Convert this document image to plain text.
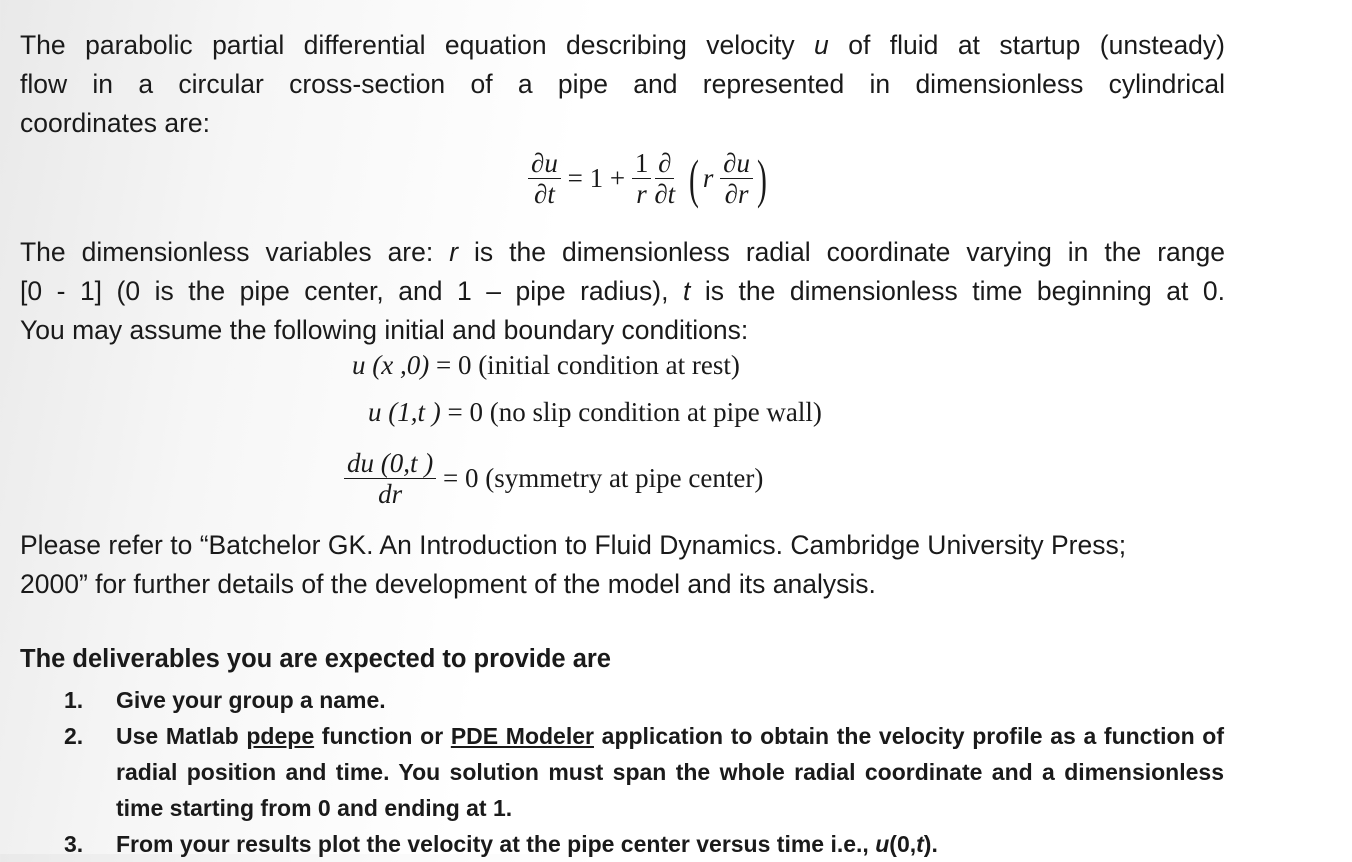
The parabolic partial differential equation describing velocity u of fluid at startup (unsteady)
flow in a circular cross-section of a pipe and represented in dimensionless cylindrical
coordinates are:
$\frac{\partial u}{\partial t} = 1 + \frac{1}{r} \frac{\partial}{\partial t}$ ( r $\frac{\partial u}{\partial r}$ )
The dimensionless variables are: r is the dimensionless radial coordinate varying in the range
[0 - 1] (0 is the pipe center, and 1 – pipe radius), t is the dimensionless time beginning at 0.
You may assume the following initial and boundary conditions:
u (x ,0) = 0 (initial condition at rest)
u (1,t ) = 0 (no slip condition at pipe wall)
$\frac{du (0,t )}{dr} = 0$ (symmetry at pipe center)
Please refer to “Batchelor GK. An Introduction to Fluid Dynamics. Cambridge University Press;
2000” for further details of the development of the model and its analysis.
The deliverables you are expected to provide are
1. Give your group a name.
2. Use Matlab pdepe function or PDE Modeler application to obtain the velocity profile as a function of radial position and time. You solution must span the whole radial coordinate and a dimensionless time starting from 0 and ending at 1.
3. From your results plot the velocity at the pipe center versus time i.e., u(0,t).
